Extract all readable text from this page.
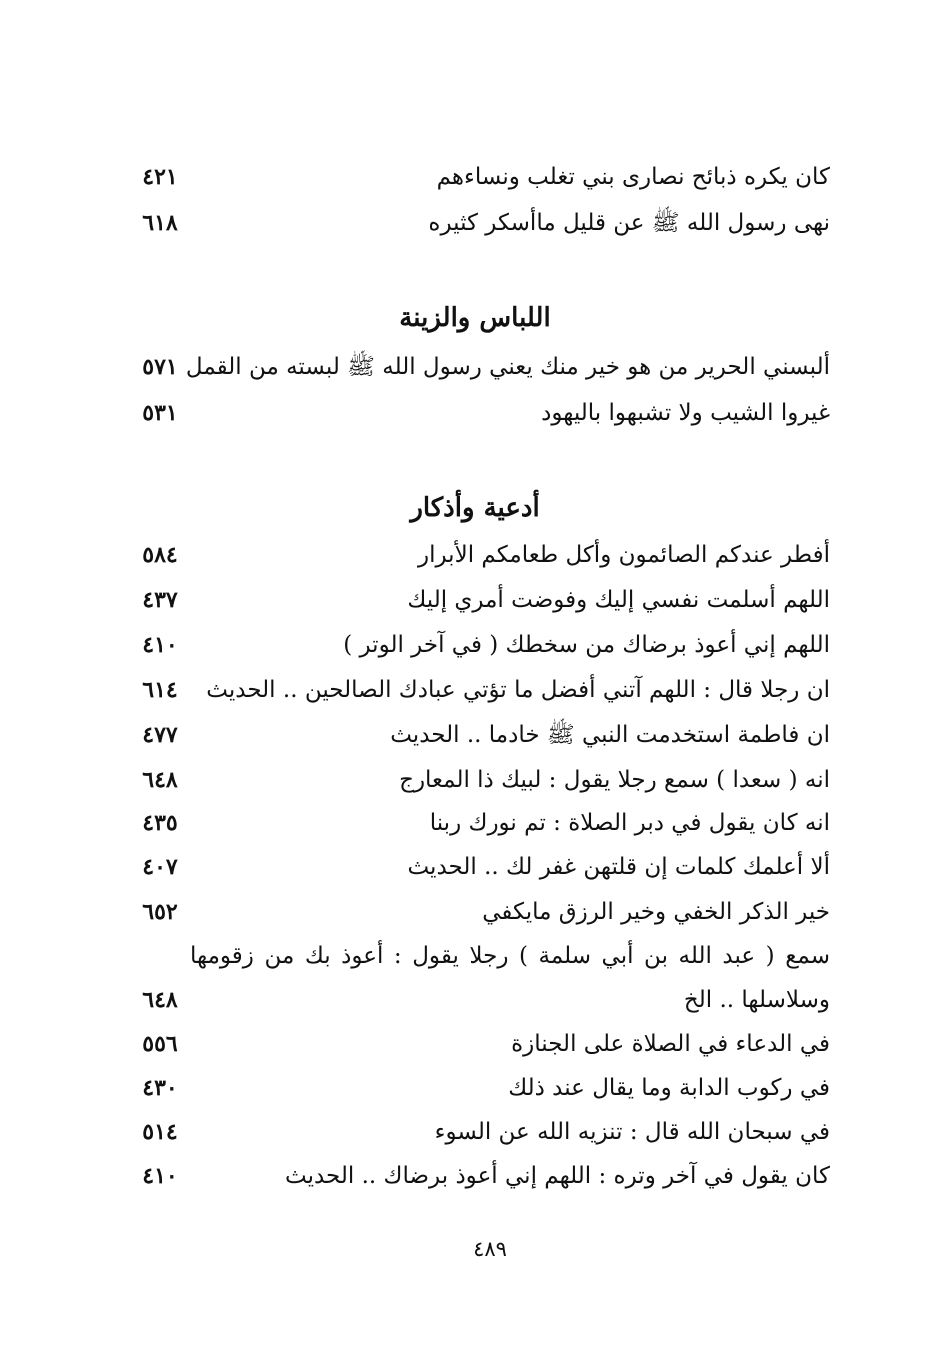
كان يكره ذبائح نصارى بني تغلب ونساءهم
٤٢١
نهى رسول الله ﷺ عن قليل ماأسكر كثيره
٦١٨
اللباس والزينة
ألبسني الحرير من هو خير منك يعني رسول الله ﷺ لبسته من القمل
٥٧١
غيروا الشيب ولا تشبهوا باليهود
٥٣١
أدعية وأذكار
أفطر عندكم الصائمون وأكل طعامكم الأبرار
٥٨٤
اللهم أسلمت نفسي إليك وفوضت أمري إليك
٤٣٧
اللهم إني أعوذ برضاك من سخطك ( في آخر الوتر )
٤١٠
ان رجلا قال : اللهم آتني أفضل ما تؤتي عبادك الصالحين .. الحديث
٦١٤
ان فاطمة استخدمت النبي ﷺ خادما .. الحديث
٤٧٧
انه ( سعدا ) سمع رجلا يقول : لبيك ذا المعارج
٦٤٨
انه كان يقول في دبر الصلاة : تم نورك ربنا
٤٣٥
ألا أعلمك كلمات إن قلتهن غفر لك .. الحديث
٤٠٧
خير الذكر الخفي وخير الرزق مايكفي
٦٥٢
سمع ( عبد الله بن أبي سلمة ) رجلا يقول : أعوذ بك من زقومها
وسلاسلها .. الخ
٦٤٨
في الدعاء في الصلاة على الجنازة
٥٥٦
في ركوب الدابة وما يقال عند ذلك
٤٣٠
في سبحان الله قال : تنزيه الله عن السوء
٥١٤
كان يقول في آخر وتره : اللهم إني أعوذ برضاك .. الحديث
٤١٠
٤٨٩
